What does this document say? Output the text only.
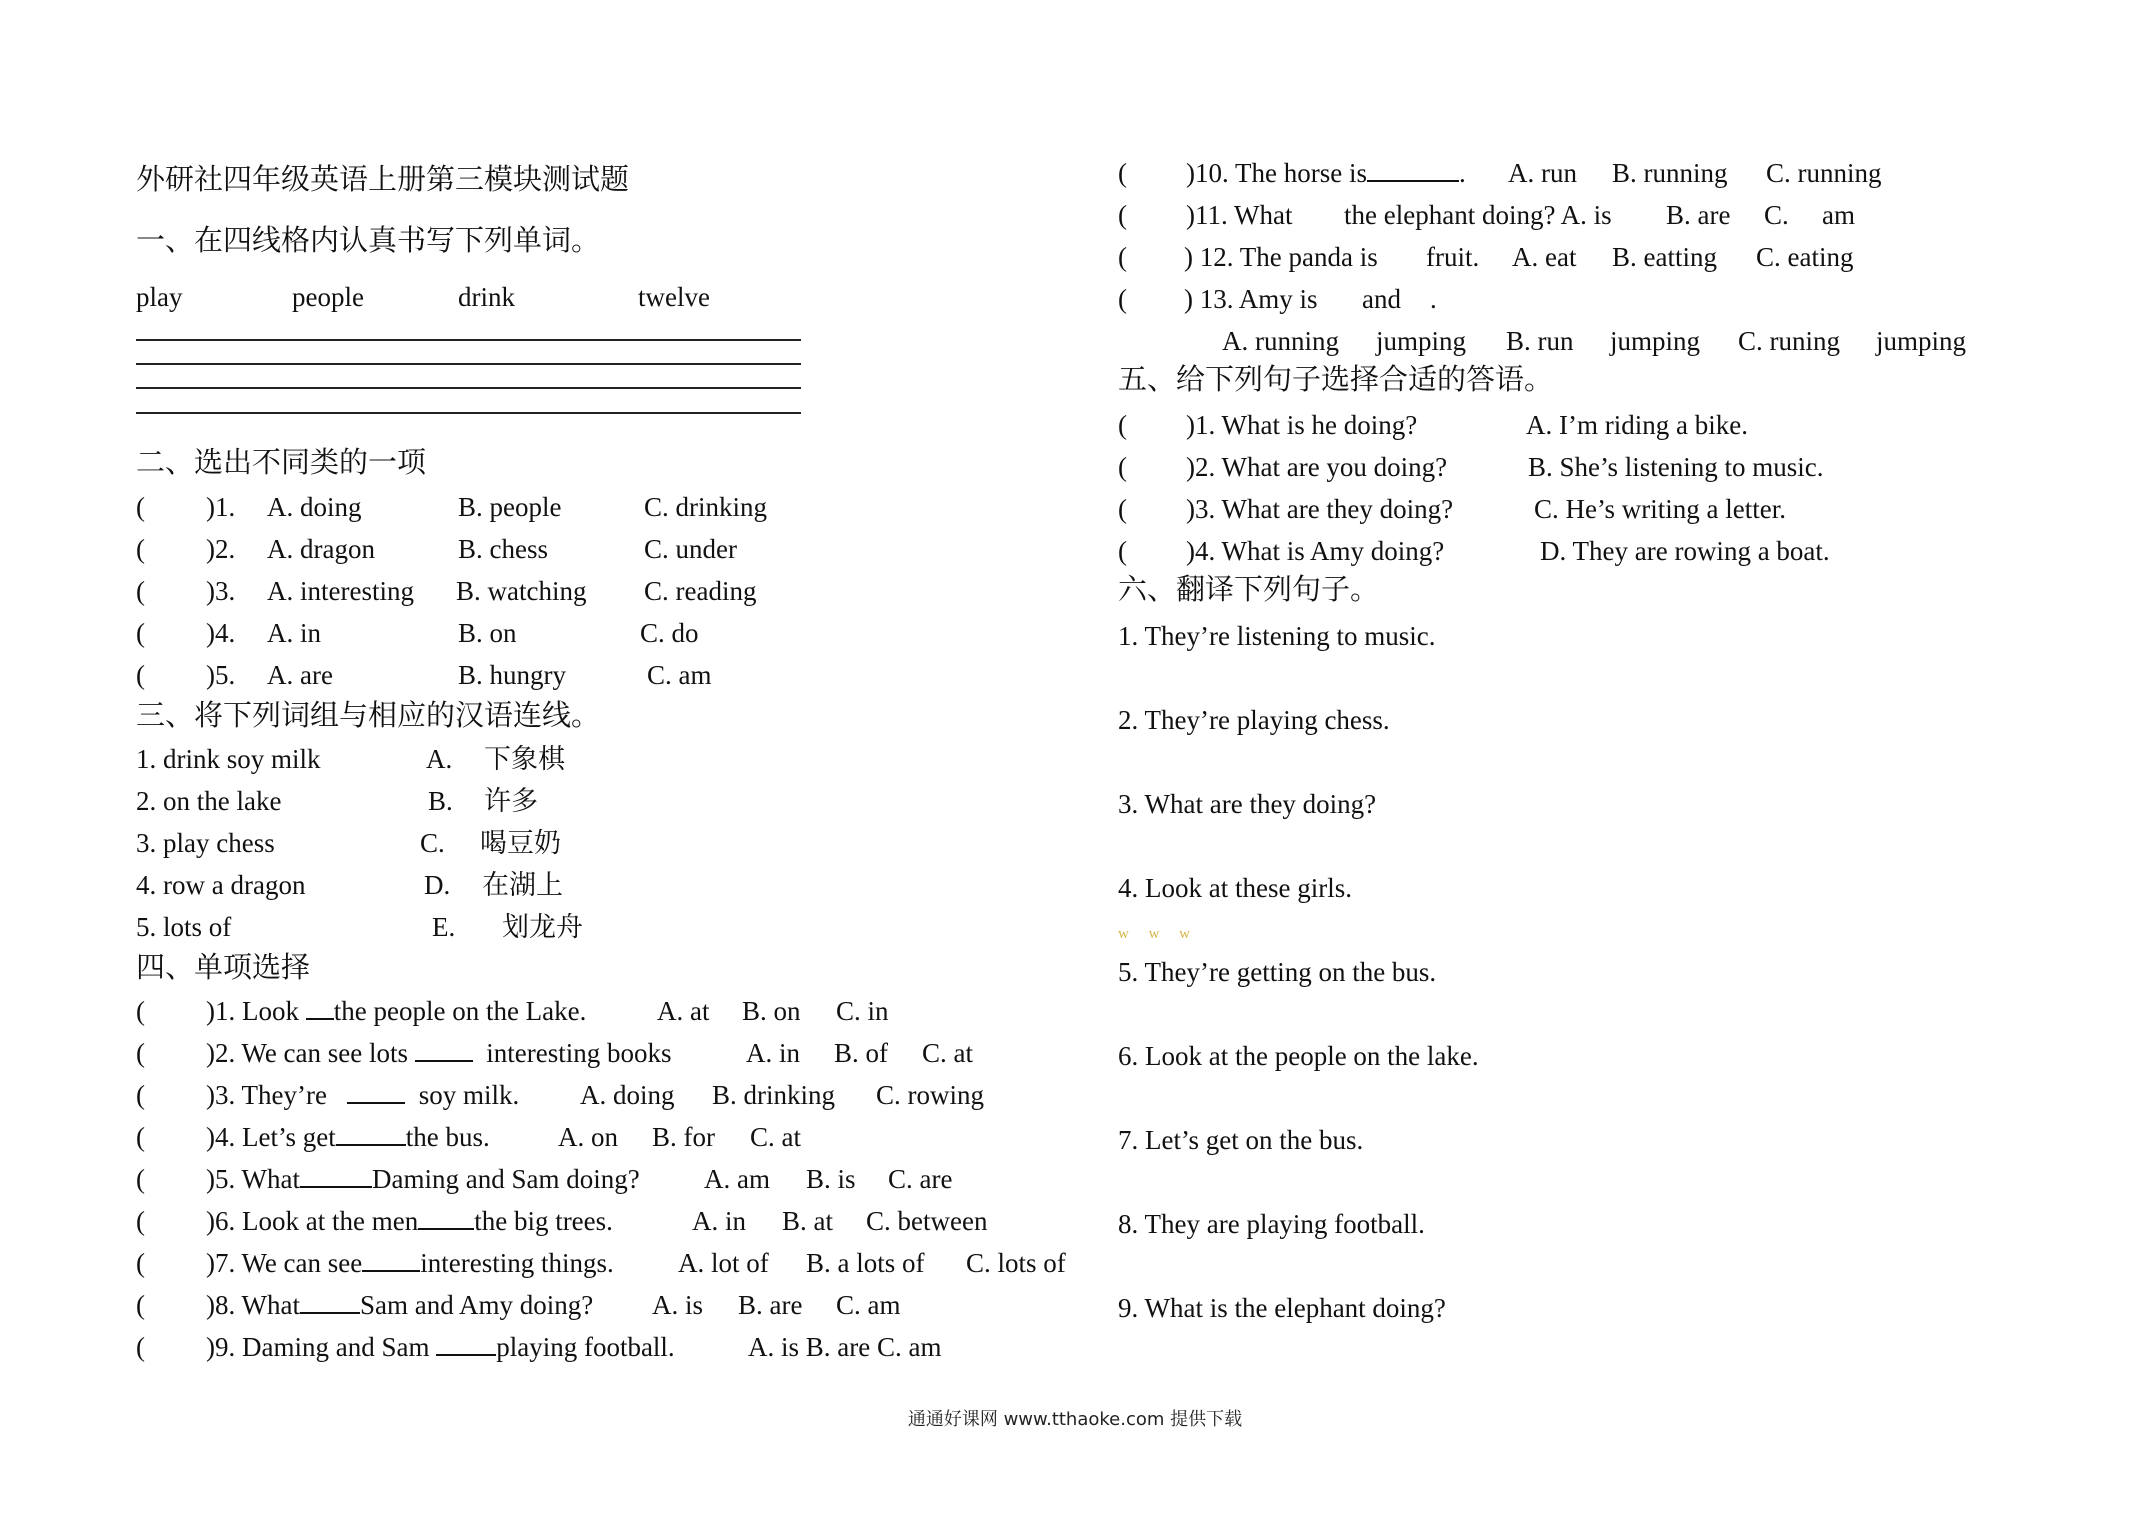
外研社四年级英语上册第三模块测试题
一、在四线格内认真书写下列单词。
play	people	drink	twelve
二、选出不同类的一项
( )1. A. doing	B. people	C. drinking
( )2. A. dragon	B. chess	C. under
( )3. A. interesting B. watching C. reading
( )4. A. in	B. on	C. do
( )5. A. are	B. hungry	C. am
三、将下列词组与相应的汉语连线。
1. drink soy milk	A. 下象棋
2. on the lake	B. 许多
3. play chess	C. 喝豆奶
4. row a dragon	D. 在湖上
5. lots of	E. 划龙舟
四、单项选择
( )1. Look the people on the Lake.	A. at B. on C. in
( )2. We can see lots	interesting books	A. in B. of C. at
( )3. They’re	soy milk. A. doing B. drinking C. rowing
( )4. Let’s get	the bus.	A. on B. for C. at
( )5. What	Daming and Sam doing? A. am B. is C. are
( )6. Look at the men the big trees.	A. in B. at C. between
( )7. We can see interesting things. A. lot of B. a lots of C. lots of
( )8. What Sam and Amy doing? A. is B. are C. am
( )9. Daming and Sam playing football.	A. is B. are C. am
( )10. The horse is	. A. run B. running C. running
( )11. What the elephant doing? A. is B. are C. am
( ) 12. The panda is fruit. A. eat B. eatting C. eating
( ) 13. Amy is and .
A. running jumping B. run jumping C. runing jumping
五、给下列句子选择合适的答语。
( )1. What is he doing?	A. I’m riding a bike.
( )2. What are you doing?	B. She’s listening to music.
( )3. What are they doing?	C. He’s writing a letter.
( )4. What is Amy doing?	D. They are rowing a boat.
六、翻译下列句子。
1. They’re listening to music.
2. They’re playing chess.
3. What are they doing?
4. Look at these girls.
w w w
5. They’re getting on the bus.
6. Look at the people on the lake.
7. Let’s get on the bus.
8. They are playing football.
9. What is the elephant doing?
通通好课网 www.tthaoke.com 提供下载
